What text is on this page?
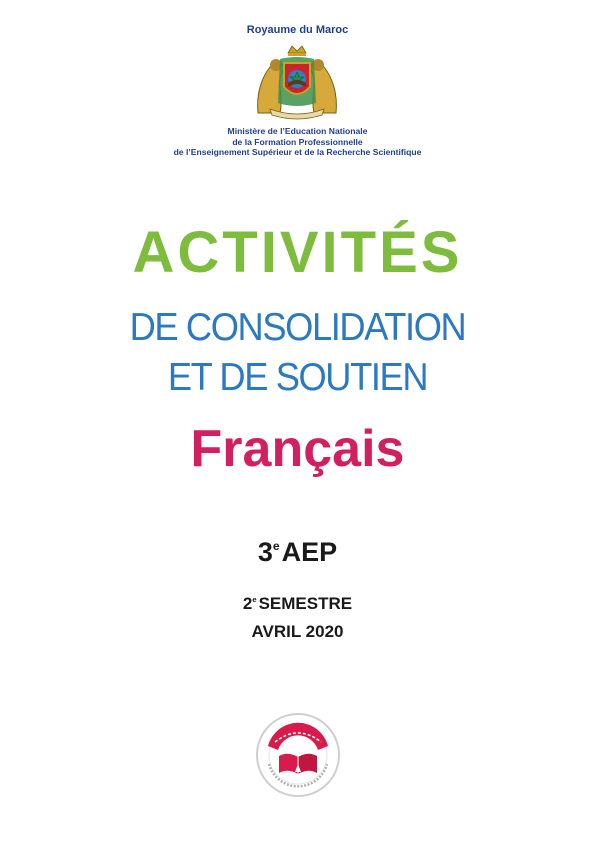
Royaume du Maroc
Ministère de l’Education Nationale
de la Formation Professionnelle
de l’Enseignement Supérieur et de la Recherche Scientifique
ACTIVITÉS
DE CONSOLIDATION
ET DE SOUTIEN
Français
3eAEP
2e SEMESTRE
AVRIL 2020
